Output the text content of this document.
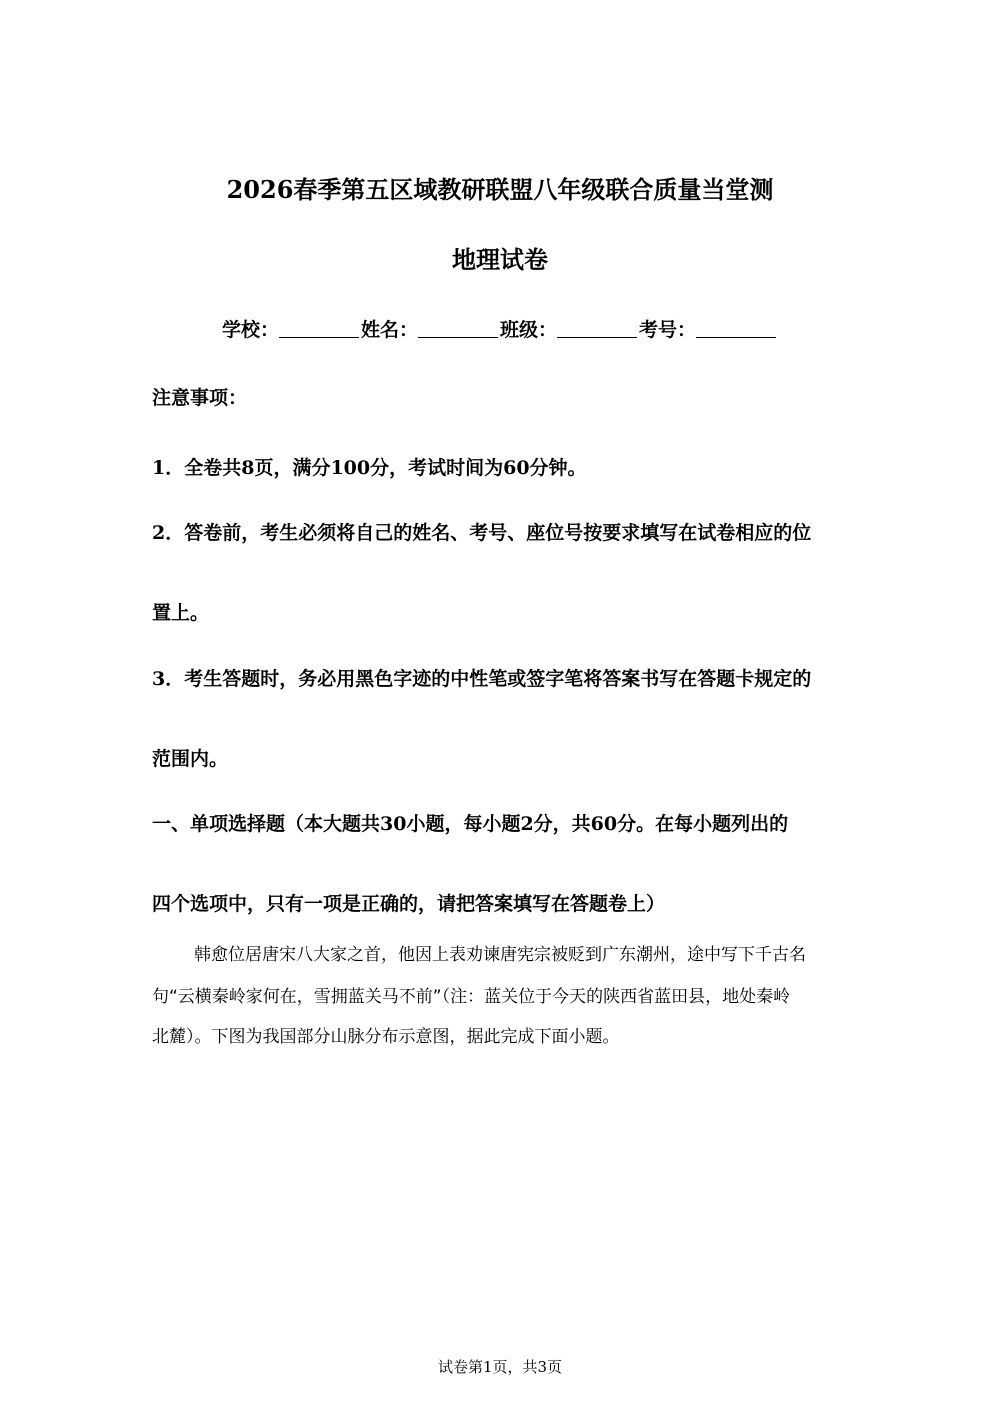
2026春季第五区域教研联盟八年级联合质量当堂测
地理试卷
学校：	姓名：	班级：	考号：
注意事项：
1．全卷共8页，满分100分，考试时间为60分钟。
2．答卷前，考生必须将自己的姓名、考号、座位号按要求填写在试卷相应的位
置上。
3．考生答题时，务必用黑色字迹的中性笔或签字笔将答案书写在答题卡规定的
范围内。
一、单项选择题（本大题共30小题，每小题2分，共60分。在每小题列出的
四个选项中，只有一项是正确的，请把答案填写在答题卷上）
韩愈位居唐宋八大家之首，他因上表劝谏唐宪宗被贬到广东潮州，途中写下千古名
句“云横秦岭家何在，雪拥蓝关马不前”（注：蓝关位于今天的陕西省蓝田县，地处秦岭
北麓）。下图为我国部分山脉分布示意图，据此完成下面小题。
试卷第1页，共3页
